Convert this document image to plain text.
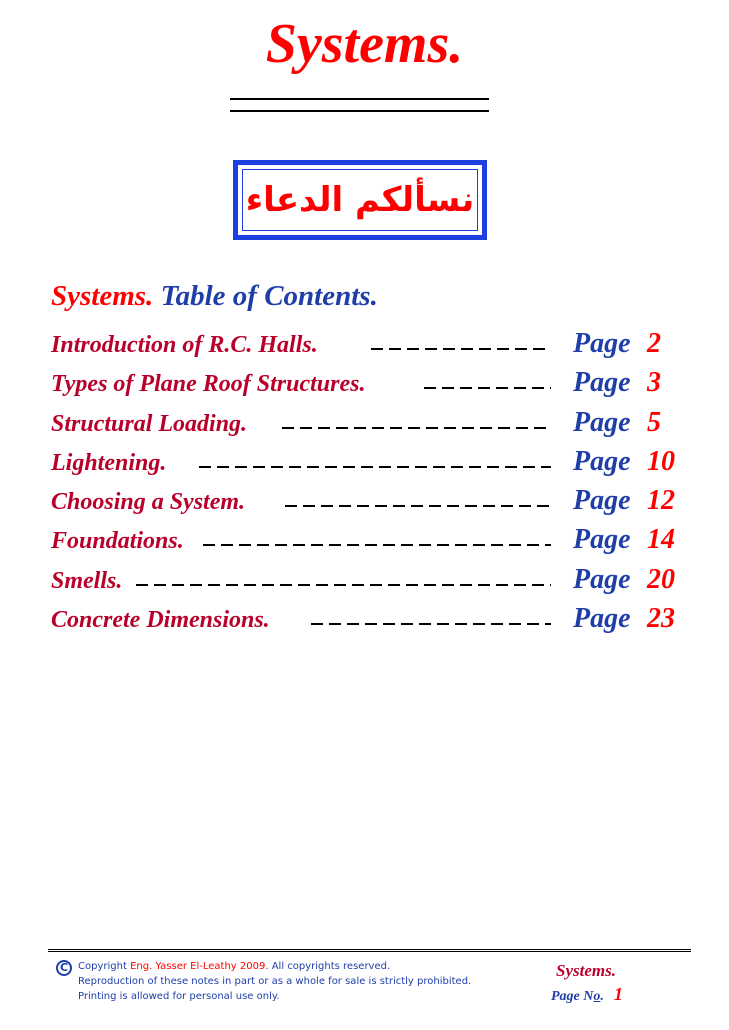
Systems.
نسألكم الدعاء
Systems. Table of Contents.
Introduction of R.C. Halls.	Page 2
Types of Plane Roof Structures.	Page 3
Structural Loading.	Page 5
Lightening.	Page 10
Choosing a System.	Page 12
Foundations.	Page 14
Smells.	Page 20
Concrete Dimensions.	Page 23
C Copyright Eng. Yasser El-Leathy 2009. All copyrights reserved.
Reproduction of these notes in part or as a whole for sale is strictly prohibited.
Printing is allowed for personal use only.
Systems.
Page No. 1
